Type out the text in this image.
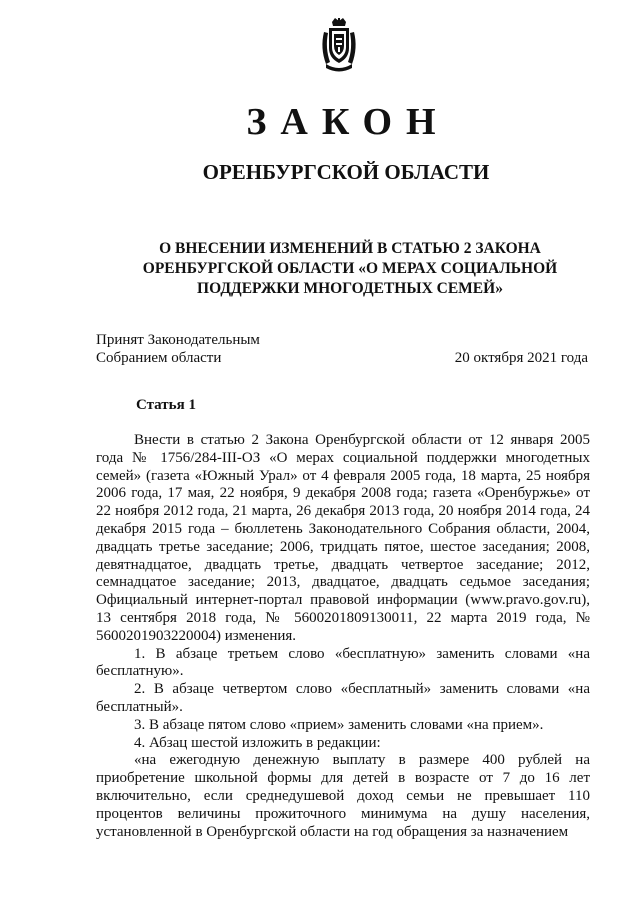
ЗАКОН
ОРЕНБУРГСКОЙ ОБЛАСТИ
О ВНЕСЕНИИ ИЗМЕНЕНИЙ В СТАТЬЮ 2 ЗАКОНА
ОРЕНБУРГСКОЙ ОБЛАСТИ «О МЕРАХ СОЦИАЛЬНОЙ
ПОДДЕРЖКИ МНОГОДЕТНЫХ СЕМЕЙ»
Принят Законодательным
Собранием области	20 октября 2021 года
Статья 1

Внести в статью 2 Закона Оренбургской области от 12 января 2005 года № 1756/284-III-ОЗ «О мерах социальной поддержки многодетных семей» (газета «Южный Урал» от 4 февраля 2005 года, 18 марта, 25 ноября 2006 года, 17 мая, 22 ноября, 9 декабря 2008 года; газета «Оренбуржье» от 22 ноября 2012 года, 21 марта, 26 декабря 2013 года, 20 ноября 2014 года, 24 декабря 2015 года – бюллетень Законодательного Собрания области, 2004, двадцать третье заседание; 2006, тридцать пятое, шестое заседания; 2008, девятнадцатое, двадцать третье, двадцать четвертое заседание; 2012, семнадцатое заседание; 2013, двадцатое, двадцать седьмое заседания; Официальный интернет-портал правовой информации (www.pravo.gov.ru), 13 сентября 2018 года, № 5600201809130011, 22 марта 2019 года, № 5600201903220004) изменения.

1. В абзаце третьем слово «бесплатную» заменить словами «на бесплатную».

2. В абзаце четвертом слово «бесплатный» заменить словами «на бесплатный».

3. В абзаце пятом слово «прием» заменить словами «на прием».

4. Абзац шестой изложить в редакции:

«на ежегодную денежную выплату в размере 400 рублей на приобретение школьной формы для детей в возрасте от 7 до 16 лет включительно, если среднедушевой доход семьи не превышает 110 процентов величины прожиточного минимума на душу населения, установленной в Оренбургской области на год обращения за назначением
